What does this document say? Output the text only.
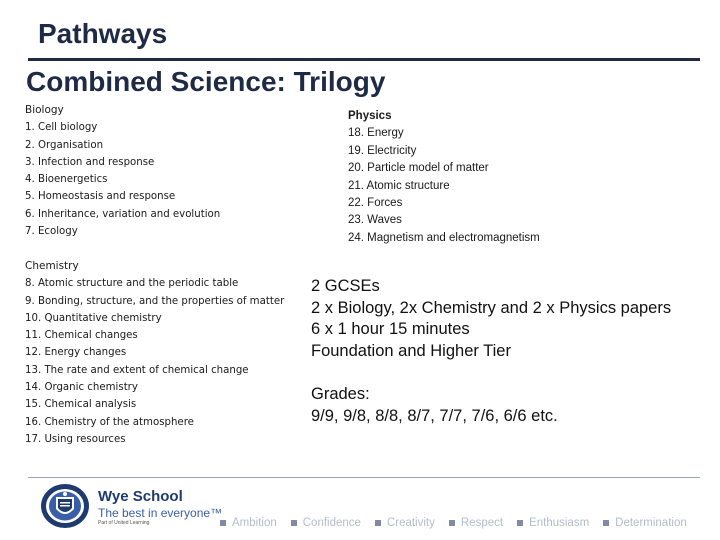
Pathways
Combined Science: Trilogy
Biology
1. Cell biology
2. Organisation
3. Infection and response
4. Bioenergetics
5. Homeostasis and response
6. Inheritance, variation and evolution
7. Ecology
Chemistry
8. Atomic structure and the periodic table
9. Bonding, structure, and the properties of matter
10. Quantitative chemistry
11. Chemical changes
12. Energy changes
13. The rate and extent of chemical change
14. Organic chemistry
15. Chemical analysis
16. Chemistry of the atmosphere
17. Using resources
Physics
18. Energy
19. Electricity
20. Particle model of matter
21. Atomic structure
22. Forces
23. Waves
24. Magnetism and electromagnetism
2 GCSEs
2 x Biology, 2x Chemistry and 2 x Physics papers
6 x 1 hour 15 minutes
Foundation and Higher Tier
Grades:
9/9, 9/8, 8/8, 8/7, 7/7, 7/6, 6/6 etc.
Wye School
The best in everyone™
Part of United Learning	Ambition Confidence Creativity Respect Enthusiasm Determination
